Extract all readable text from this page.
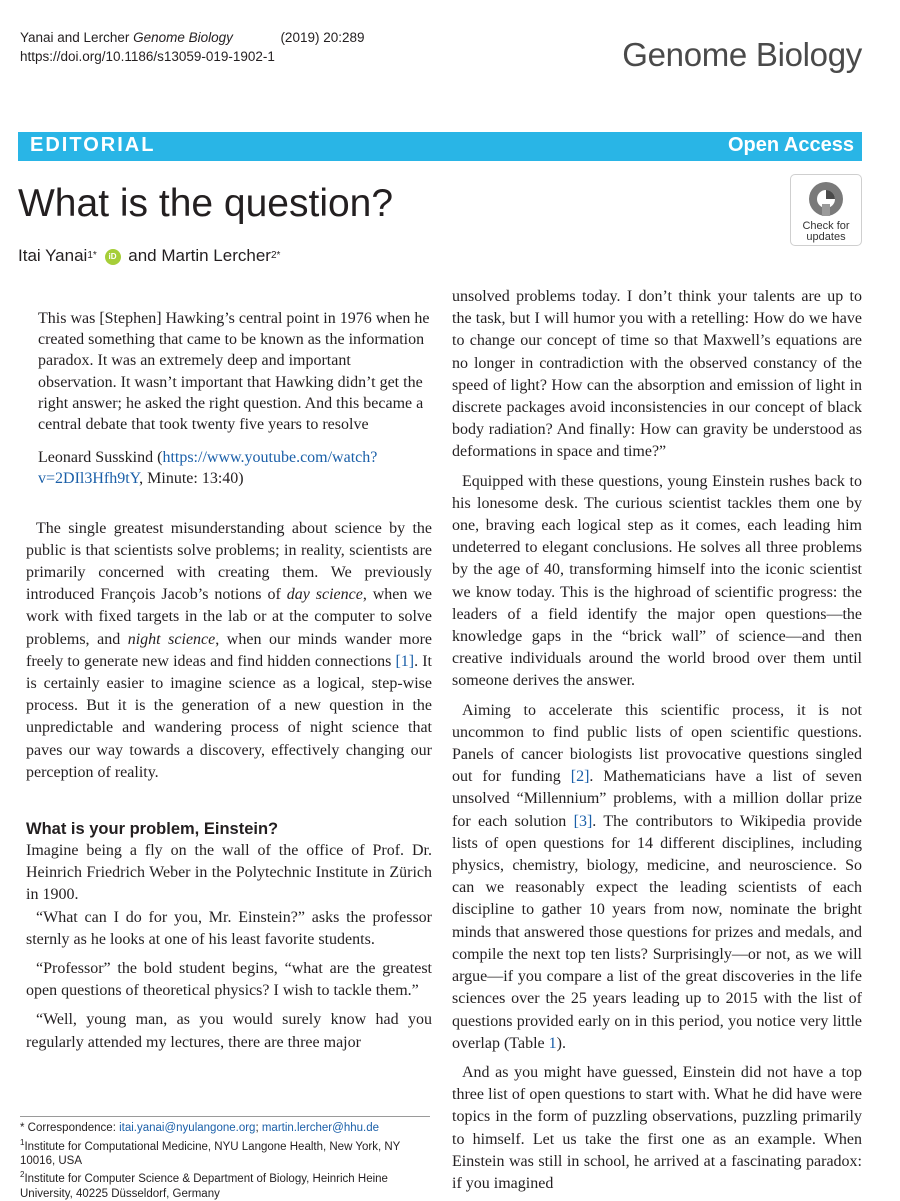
Yanai and Lercher Genome Biology	(2019) 20:289
https://doi.org/10.1186/s13059-019-1902-1	Genome Biology
EDITORIAL	Open Access
What is the question?
Itai Yanai$^{1*}$ iD and Martin Lercher$^{2*}$
Check for
updates

This was [Stephen] Hawking’s central point in 1976 when he created something that came to be known as the information paradox. It was an extremely deep and important observation. It wasn’t important that Hawking didn’t get the right answer; he asked the right question. And this became a central debate that took twenty five years to resolve

Leonard Susskind (https://www.youtube.com/watch?v=2DIl3Hfh9tY, Minute: 13:40)

The single greatest misunderstanding about science by the public is that scientists solve problems; in reality, scientists are primarily concerned with creating them. We previously introduced François Jacob’s notions of day science, when we work with fixed targets in the lab or at the computer to solve problems, and night science, when our minds wander more freely to generate new ideas and find hidden connections [1]. It is certainly easier to imagine science as a logical, step-wise process. But it is the generation of a new question in the unpredictable and wandering process of night science that paves our way towards a discovery, effectively changing our perception of reality.

What is your problem, Einstein?

Imagine being a fly on the wall of the office of Prof. Dr. Heinrich Friedrich Weber in the Polytechnic Institute in Zürich in 1900.

“What can I do for you, Mr. Einstein?” asks the professor sternly as he looks at one of his least favorite students.

“Professor” the bold student begins, “what are the greatest open questions of theoretical physics? I wish to tackle them.”

“Well, young man, as you would surely know had you regularly attended my lectures, there are three major

unsolved problems today. I don’t think your talents are up to the task, but I will humor you with a retelling: How do we have to change our concept of time so that Maxwell’s equations are no longer in contradiction with the observed constancy of the speed of light? How can the absorption and emission of light in discrete packages avoid inconsistencies in our concept of black body radiation? And finally: How can gravity be understood as deformations in space and time?”

Equipped with these questions, young Einstein rushes back to his lonesome desk. The curious scientist tackles them one by one, braving each logical step as it comes, each leading him undeterred to elegant conclusions. He solves all three problems by the age of 40, transforming himself into the iconic scientist we know today. This is the highroad of scientific progress: the leaders of a field identify the major open questions—the knowledge gaps in the “brick wall” of science—and then creative individuals around the world brood over them until someone derives the answer.

Aiming to accelerate this scientific process, it is not uncommon to find public lists of open scientific questions. Panels of cancer biologists list provocative questions singled out for funding [2]. Mathematicians have a list of seven unsolved “Millennium” problems, with a million dollar prize for each solution [3]. The contributors to Wikipedia provide lists of open questions for 14 different disciplines, including physics, chemistry, biology, medicine, and neuroscience. So can we reasonably expect the leading scientists of each discipline to gather 10 years from now, nominate the bright minds that answered those questions for prizes and medals, and compile the next top ten lists? Surprisingly—or not, as we will argue—if you compare a list of the great discoveries in the life sciences over the 25 years leading up to 2015 with the list of questions provided early on in this period, you notice very little overlap (Table 1).

And as you might have guessed, Einstein did not have a top three list of open questions to start with. What he did have were topics in the form of puzzling observations, puzzling primarily to himself. Let us take the first one as an example. When Einstein was still in school, he arrived at a fascinating paradox: if you imagined

* Correspondence: itai.yanai@nyulangone.org; martin.lercher@hhu.de

$^1$Institute for Computational Medicine, NYU Langone Health, New York, NY 10016, USA

$^2$Institute for Computer Science & Department of Biology, Heinrich Heine University, 40225 Düsseldorf, Germany
